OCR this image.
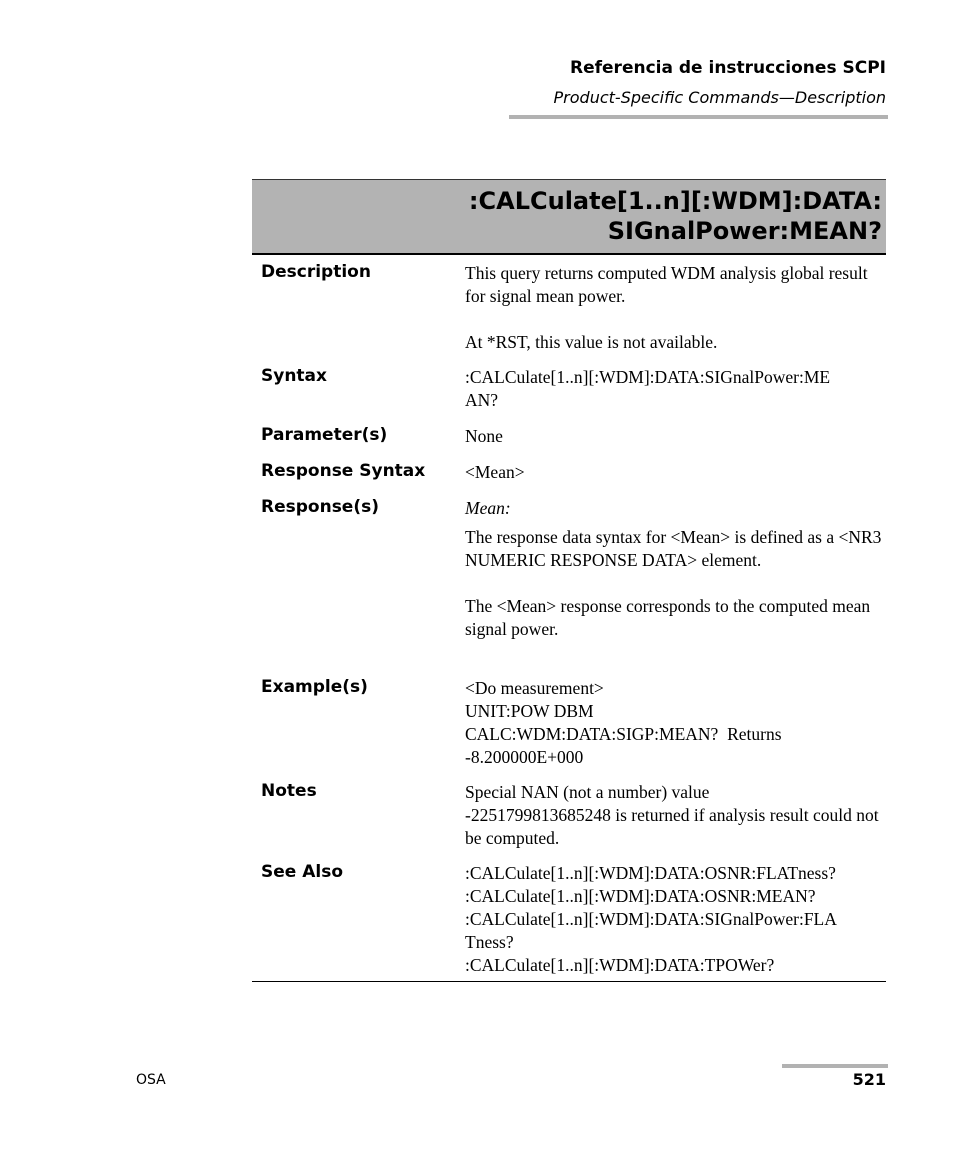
Referencia de instrucciones SCPI
Product-Specific Commands—Description
:CALCulate[1..n][:WDM]:DATA:
SIGnalPower:MEAN?
Description	This query returns computed WDM analysis global result for signal mean power.

At *RST, this value is not available.

Syntax	:CALCulate[1..n][:WDM]:DATA:SIGnalPower:ME

AN?

Parameter(s)	None

Response Syntax <Mean>

Response(s)	Mean:

The response data syntax for <Mean> is defined as a <NR3 NUMERIC RESPONSE DATA> element.

The <Mean> response corresponds to the computed mean signal power.

Example(s)	<Do measurement>

UNIT:POW DBM

CALC:WDM:DATA:SIGP:MEAN?  Returns

-8.200000E+000

Notes	Special NAN (not a number) value

-2251799813685248 is returned if analysis result could not be computed.

See Also	:CALCulate[1..n][:WDM]:DATA:OSNR:FLATness?

:CALCulate[1..n][:WDM]:DATA:OSNR:MEAN?

:CALCulate[1..n][:WDM]:DATA:SIGnalPower:FLA

Tness?

:CALCulate[1..n][:WDM]:DATA:TPOWer?

OSA	521
